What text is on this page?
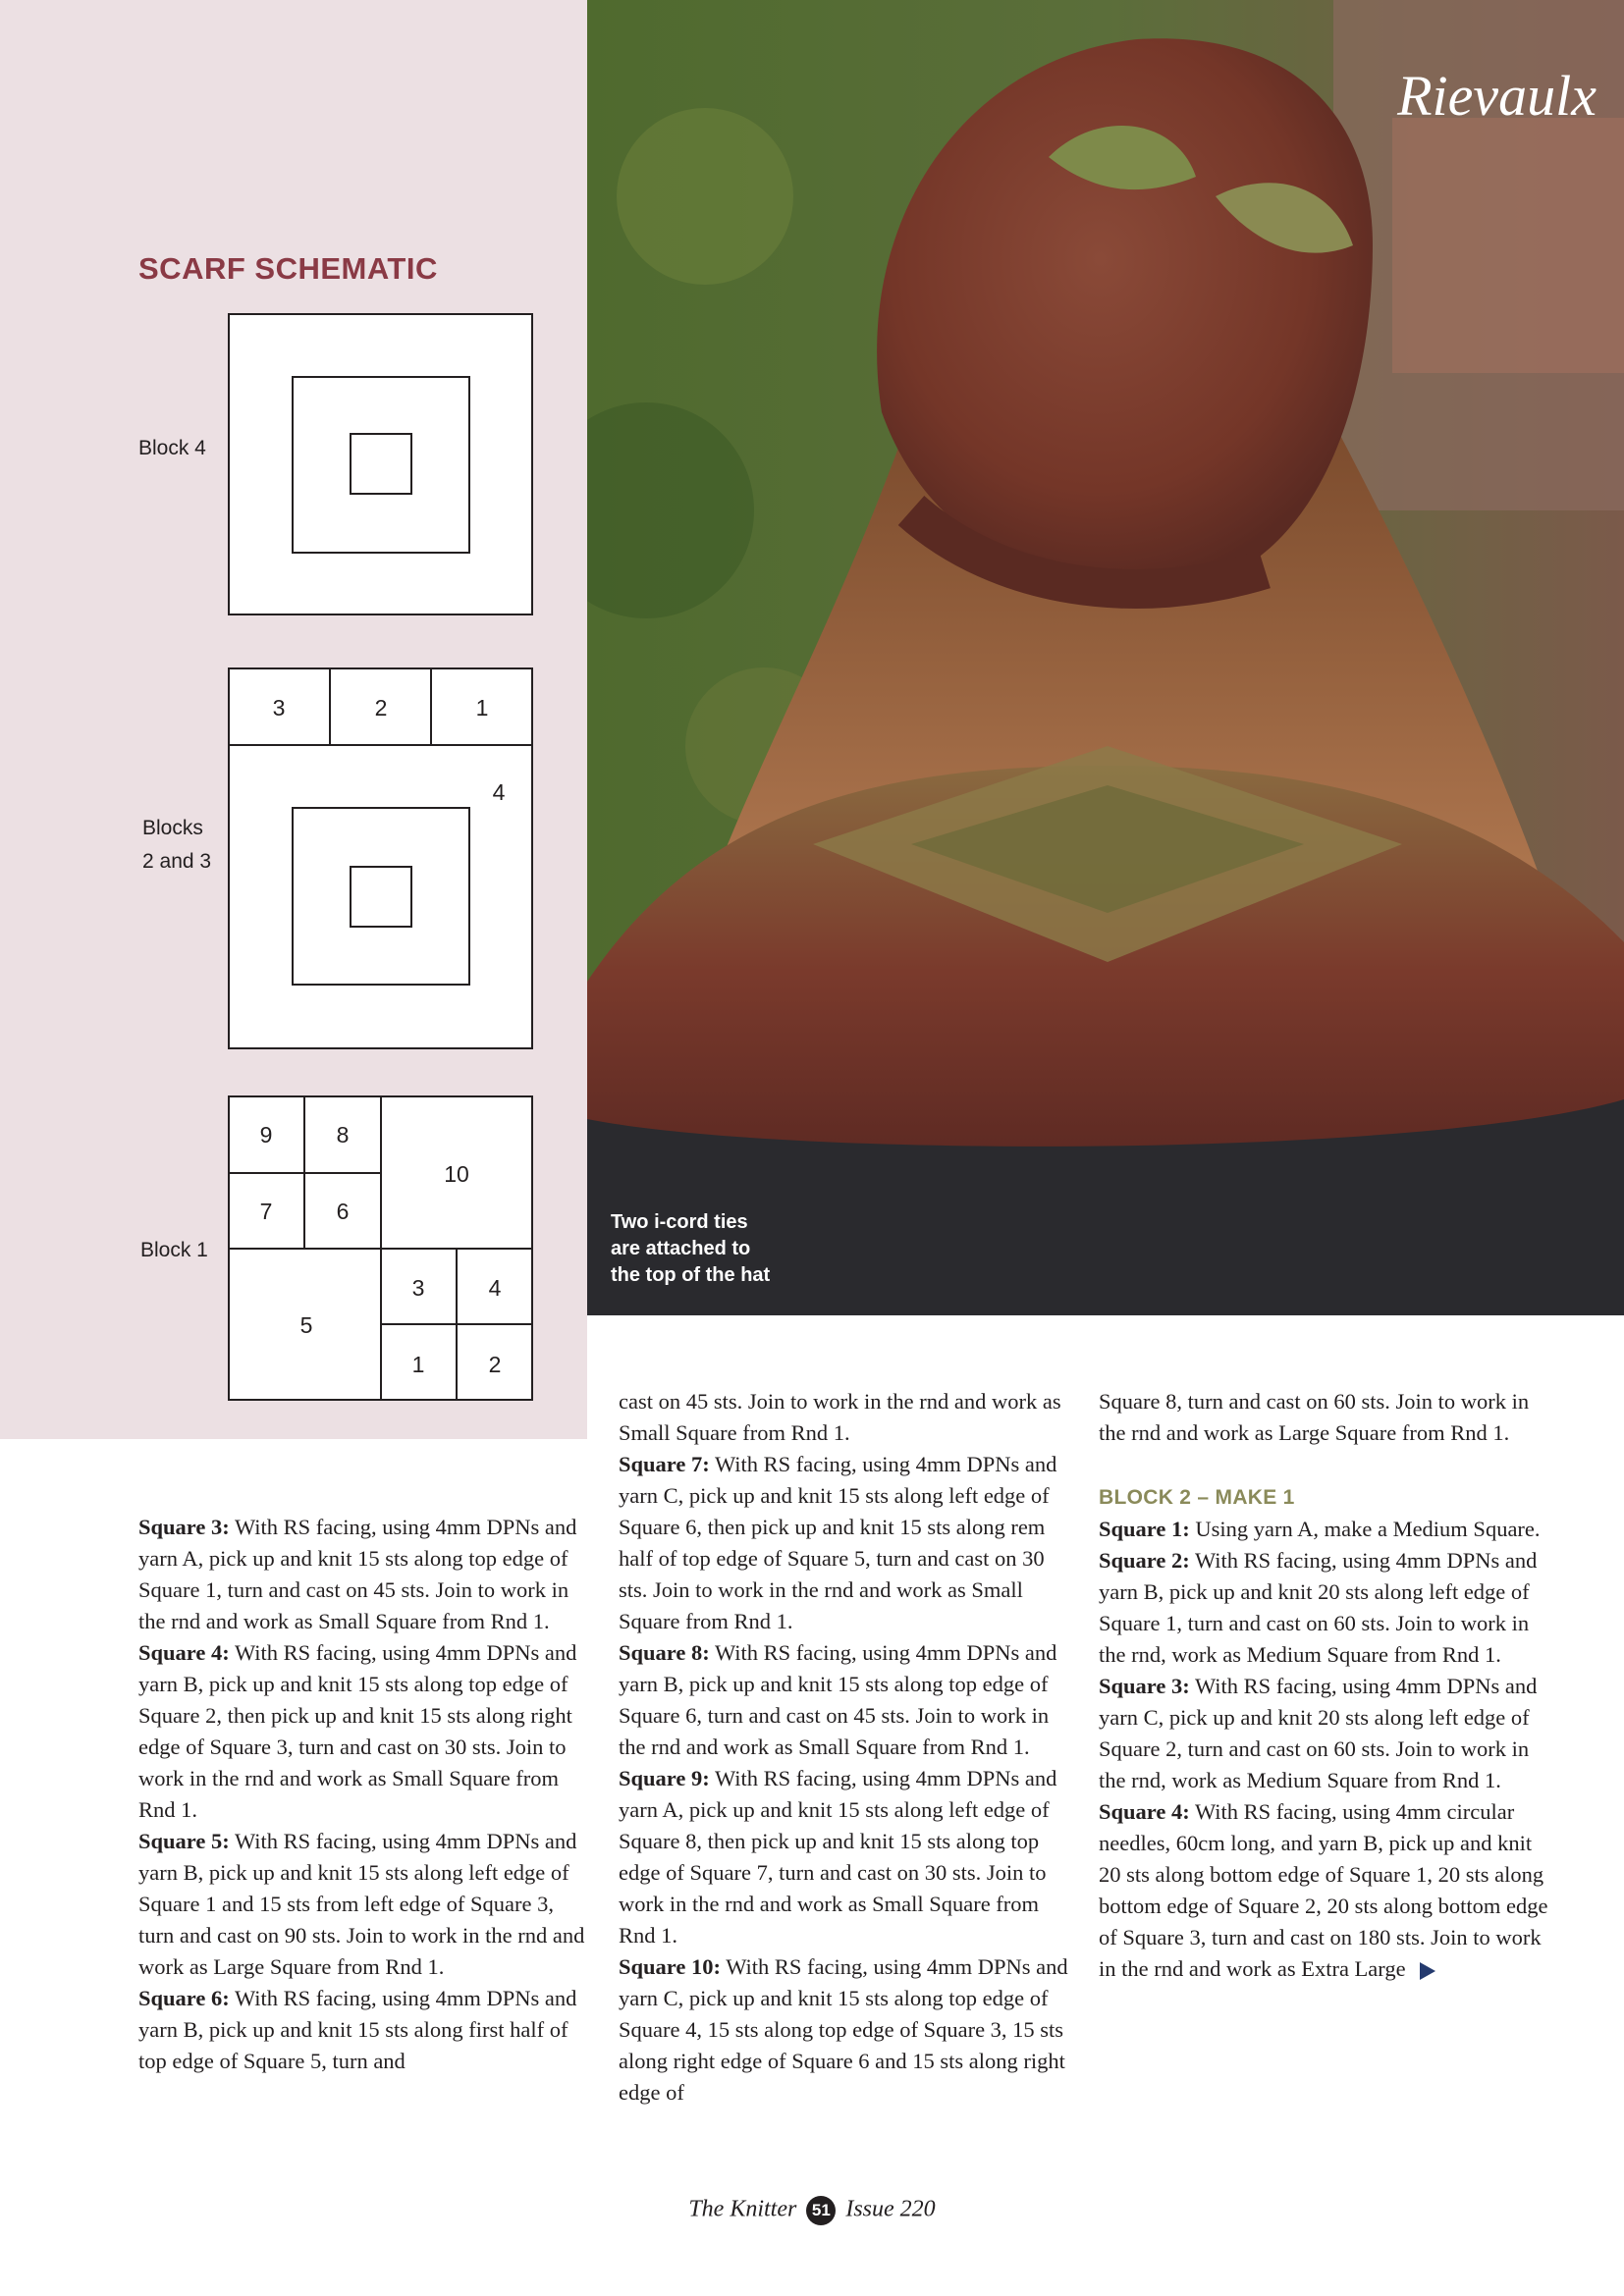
SCARF SCHEMATIC
Block 4
Blocks
2 and 3
Block 1
3	2	1
4
9	8
10
7	6
3	4
5
1	2
Rievaulx
Two i-cord ties
are attached to
the top of the hat

Square 3: With RS facing, using 4mm DPNs and yarn A, pick up and knit 15 sts along top edge of Square 1, turn and cast on 45 sts. Join to work in the rnd and work as Small Square from Rnd 1.

Square 4: With RS facing, using 4mm DPNs and yarn B, pick up and knit 15 sts along top edge of Square 2, then pick up and knit 15 sts along right edge of Square 3, turn and cast on 30 sts. Join to work in the rnd and work as Small Square from Rnd 1.

Square 5: With RS facing, using 4mm DPNs and yarn B, pick up and knit 15 sts along left edge of Square 1 and 15 sts from left edge of Square 3, turn and cast on 90 sts. Join to work in the rnd and work as Large Square from Rnd 1.

Square 6: With RS facing, using 4mm DPNs and yarn B, pick up and knit 15 sts along first half of top edge of Square 5, turn and

cast on 45 sts. Join to work in the rnd and work as Small Square from Rnd 1.

Square 7: With RS facing, using 4mm DPNs and yarn C, pick up and knit 15 sts along left edge of Square 6, then pick up and knit 15 sts along rem half of top edge of Square 5, turn and cast on 30 sts. Join to work in the rnd and work as Small Square from Rnd 1.

Square 8: With RS facing, using 4mm DPNs and yarn B, pick up and knit 15 sts along top edge of Square 6, turn and cast on 45 sts. Join to work in the rnd and work as Small Square from Rnd 1.

Square 9: With RS facing, using 4mm DPNs and yarn A, pick up and knit 15 sts along left edge of Square 8, then pick up and knit 15 sts along top edge of Square 7, turn and cast on 30 sts. Join to work in the rnd and work as Small Square from Rnd 1.

Square 10: With RS facing, using 4mm DPNs and yarn C, pick up and knit 15 sts along top edge of Square 4, 15 sts along top edge of Square 3, 15 sts along right edge of Square 6 and 15 sts along right edge of

Square 8, turn and cast on 60 sts. Join to work in the rnd and work as Large Square from Rnd 1.

BLOCK 2 – MAKE 1

Square 1: Using yarn A, make a Medium Square.

Square 2: With RS facing, using 4mm DPNs and yarn B, pick up and knit 20 sts along left edge of Square 1, turn and cast on 60 sts. Join to work in the rnd, work as Medium Square from Rnd 1.

Square 3: With RS facing, using 4mm DPNs and yarn C, pick up and knit 20 sts along left edge of Square 2, turn and cast on 60 sts. Join to work in the rnd, work as Medium Square from Rnd 1.

Square 4: With RS facing, using 4mm circular needles, 60cm long, and yarn B, pick up and knit 20 sts along bottom edge of Square 1, 20 sts along bottom edge of Square 2, 20 sts along bottom edge of Square 3, turn and cast on 180 sts. Join to work in the rnd and work as Extra Large

The Knitter 51 Issue 220
